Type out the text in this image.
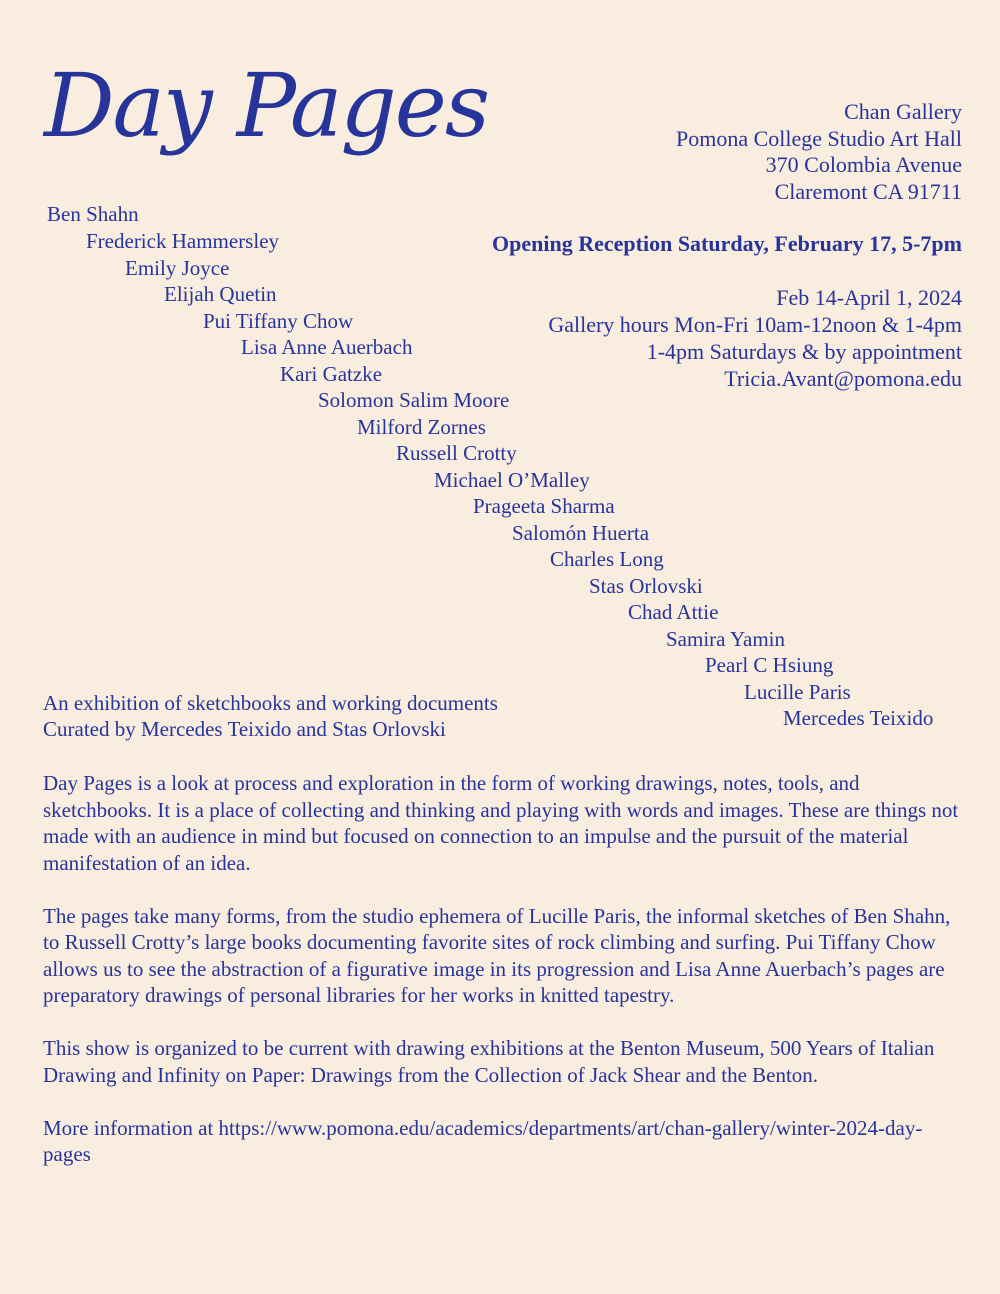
Day Pages	Chan Gallery
Pomona College Studio Art Hall
370 Colombia Avenue
Claremont CA 91711
Opening Reception Saturday, February 17, 5-7pm
Feb 14-April 1, 2024
Gallery hours Mon-Fri 10am-12noon & 1-4pm
1-4pm Saturdays & by appointment
Tricia.Avant@pomona.edu
Ben Shahn
Frederick Hammersley
Emily Joyce
Elijah Quetin
Pui Tiffany Chow
Lisa Anne Auerbach
Kari Gatzke
Solomon Salim Moore
Milford Zornes
Russell Crotty
Michael O’Malley
Prageeta Sharma
Salomón Huerta
Charles Long
Stas Orlovski
Chad Attie
Samira Yamin
Pearl C Hsiung
Lucille Paris
Mercedes Teixido
An exhibition of sketchbooks and working documents
Curated by Mercedes Teixido and Stas Orlovski

Day Pages is a look at process and exploration in the form of working drawings, notes, tools, and sketchbooks. It is a place of collecting and thinking and playing with words and images. These are things not made with an audience in mind but focused on connection to an impulse and the pursuit of the material manifestation of an idea.

The pages take many forms, from the studio ephemera of Lucille Paris, the informal sketches of Ben Shahn, to Russell Crotty’s large books documenting favorite sites of rock climbing and surfing. Pui Tiffany Chow allows us to see the abstraction of a figurative image in its progression and Lisa Anne Auerbach’s pages are preparatory drawings of personal libraries for her works in knitted tapestry.

This show is organized to be current with drawing exhibitions at the Benton Museum, 500 Years of Italian Drawing and Infinity on Paper: Drawings from the Collection of Jack Shear and the Benton.

More information at https://www.pomona.edu/academics/departments/art/chan-gallery/winter-2024-day-pages
